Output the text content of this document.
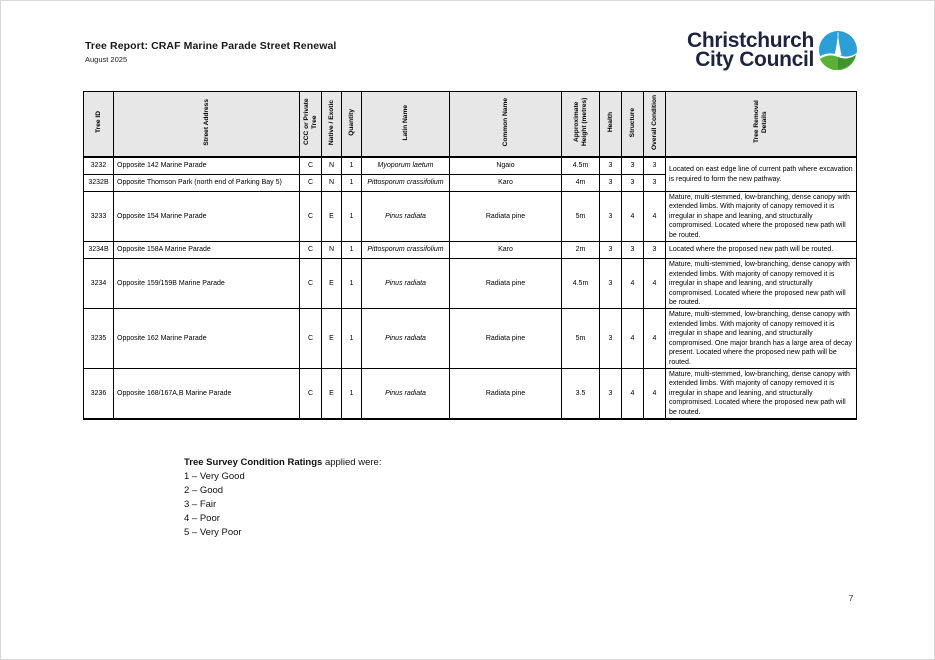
Tree Report: CRAF Marine Parade Street Renewal
August 2025
Christchurch
City Council
Tree ID	Street Address	CCC or Private Tree	Native / Exotic	Quantity	Latin Name	Common Name	Approximate Height (metres)	Health	Structure	Overall Condition	Tree Removal Details
3232	Opposite 142 Marine Parade	C	N	1	Myoporum laetum	Ngaio	4.5m	3	3	3	Located on east edge line of current path where excavation is required to form the new pathway.
3232B	Opposite Thomson Park (north end of Parking Bay 5)	C	N	1	Pittosporum crassifolium	Karo	4m	3	3	3	
3233	Opposite 154 Marine Parade	C	E	1	Pinus radiata	Radiata pine	5m	3	4	4	Mature, multi-stemmed, low-branching, dense canopy with extended limbs. With majority of canopy removed it is irregular in shape and leaning, and structurally compromised. Located where the proposed new path will be routed.
3234B	Opposite 158A Marine Parade	C	N	1	Pittosporum crassifolium	Karo	2m	3	3	3	Located where the proposed new path will be routed.
3234	Opposite 159/159B Marine Parade	C	E	1	Pinus radiata	Radiata pine	4.5m	3	4	4	Mature, multi-stemmed, low-branching, dense canopy with extended limbs. With majority of canopy removed it is irregular in shape and leaning, and structurally compromised. Located where the proposed new path will be routed.
3235	Opposite 162 Marine Parade	C	E	1	Pinus radiata	Radiata pine	5m	3	4	4	Mature, multi-stemmed, low-branching, dense canopy with extended limbs. With majority of canopy removed it is irregular in shape and leaning, and structurally compromised. One major branch has a large area of decay present. Located where the proposed new path will be routed.
3236	Opposite 168/167A,B Marine Parade	C	E	1	Pinus radiata	Radiata pine	3.5	3	4	4	Mature, multi-stemmed, low-branching, dense canopy with extended limbs. With majority of canopy removed it is irregular in shape and leaning, and structurally compromised. Located where the proposed new path will be routed.
Tree Survey Condition Ratings applied were:
1 – Very Good
2 – Good
3 – Fair
4 – Poor
5 – Very Poor
7
